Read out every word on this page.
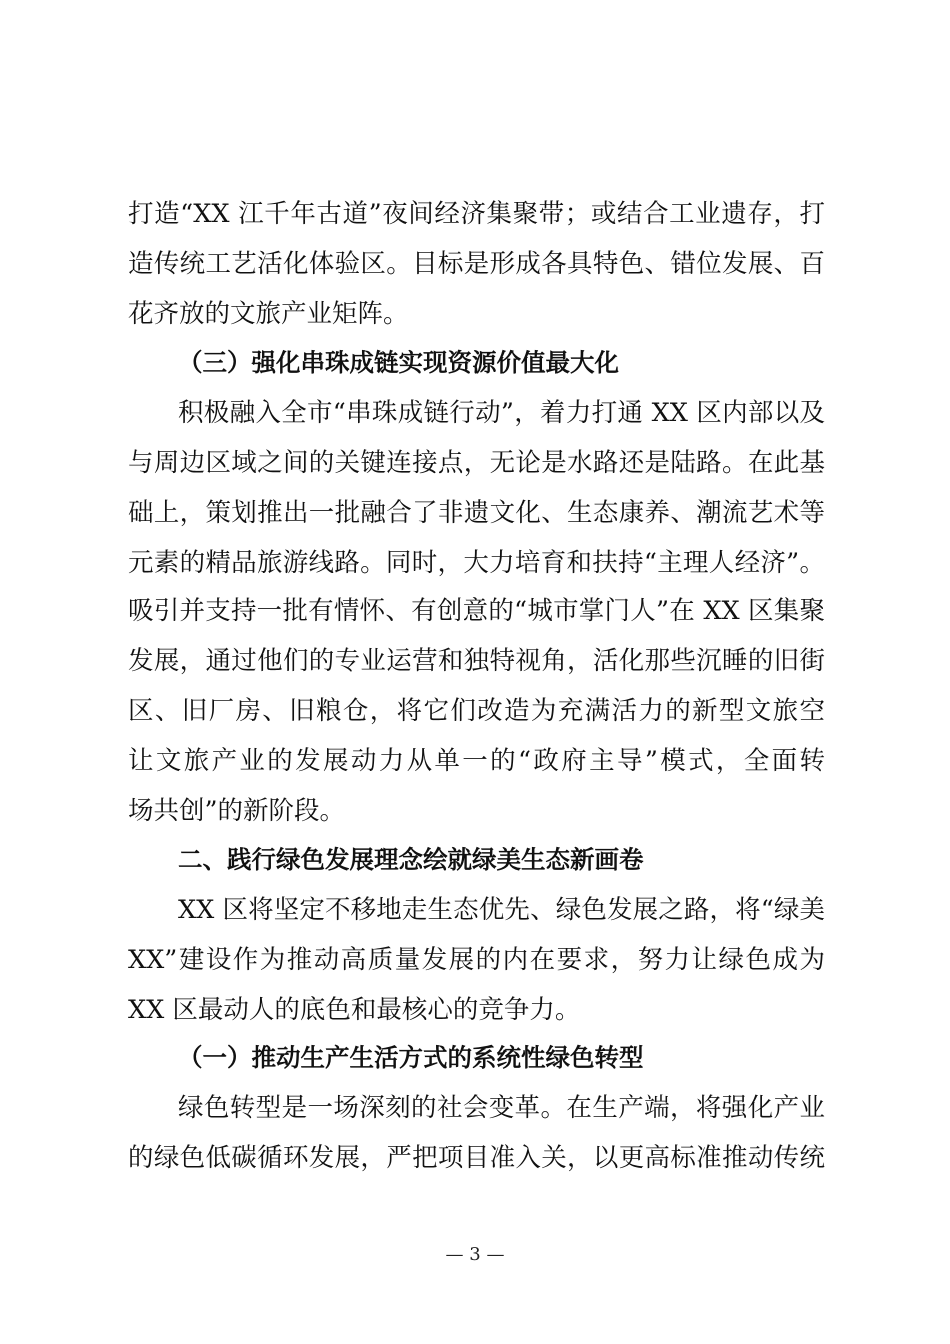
打造“XX 江千年古道”夜间经济集聚带；或结合工业遗存，打
造传统工艺活化体验区。目标是形成各具特色、错位发展、百
花齐放的文旅产业矩阵。
（三）强化串珠成链实现资源价值最大化
积极融入全市“串珠成链行动”，着力打通 XX 区内部以及
与周边区域之间的关键连接点，无论是水路还是陆路。在此基
础上，策划推出一批融合了非遗文化、生态康养、潮流艺术等
元素的精品旅游线路。同时，大力培育和扶持“主理人经济”。
吸引并支持一批有情怀、有创意的“城市掌门人”在 XX 区集聚
发展，通过他们的专业运营和独特视角，活化那些沉睡的旧街
区、旧厂房、旧粮仓，将它们改造为充满活力的新型文旅空
让文旅产业的发展动力从单一的“政府主导”模式，全面转
场共创”的新阶段。
二、践行绿色发展理念绘就绿美生态新画卷
XX 区将坚定不移地走生态优先、绿色发展之路，将“绿美
XX”建设作为推动高质量发展的内在要求，努力让绿色成为
XX 区最动人的底色和最核心的竞争力。
（一）推动生产生活方式的系统性绿色转型
绿色转型是一场深刻的社会变革。在生产端，将强化产业
的绿色低碳循环发展，严把项目准入关，以更高标准推动传统
— 3 —
